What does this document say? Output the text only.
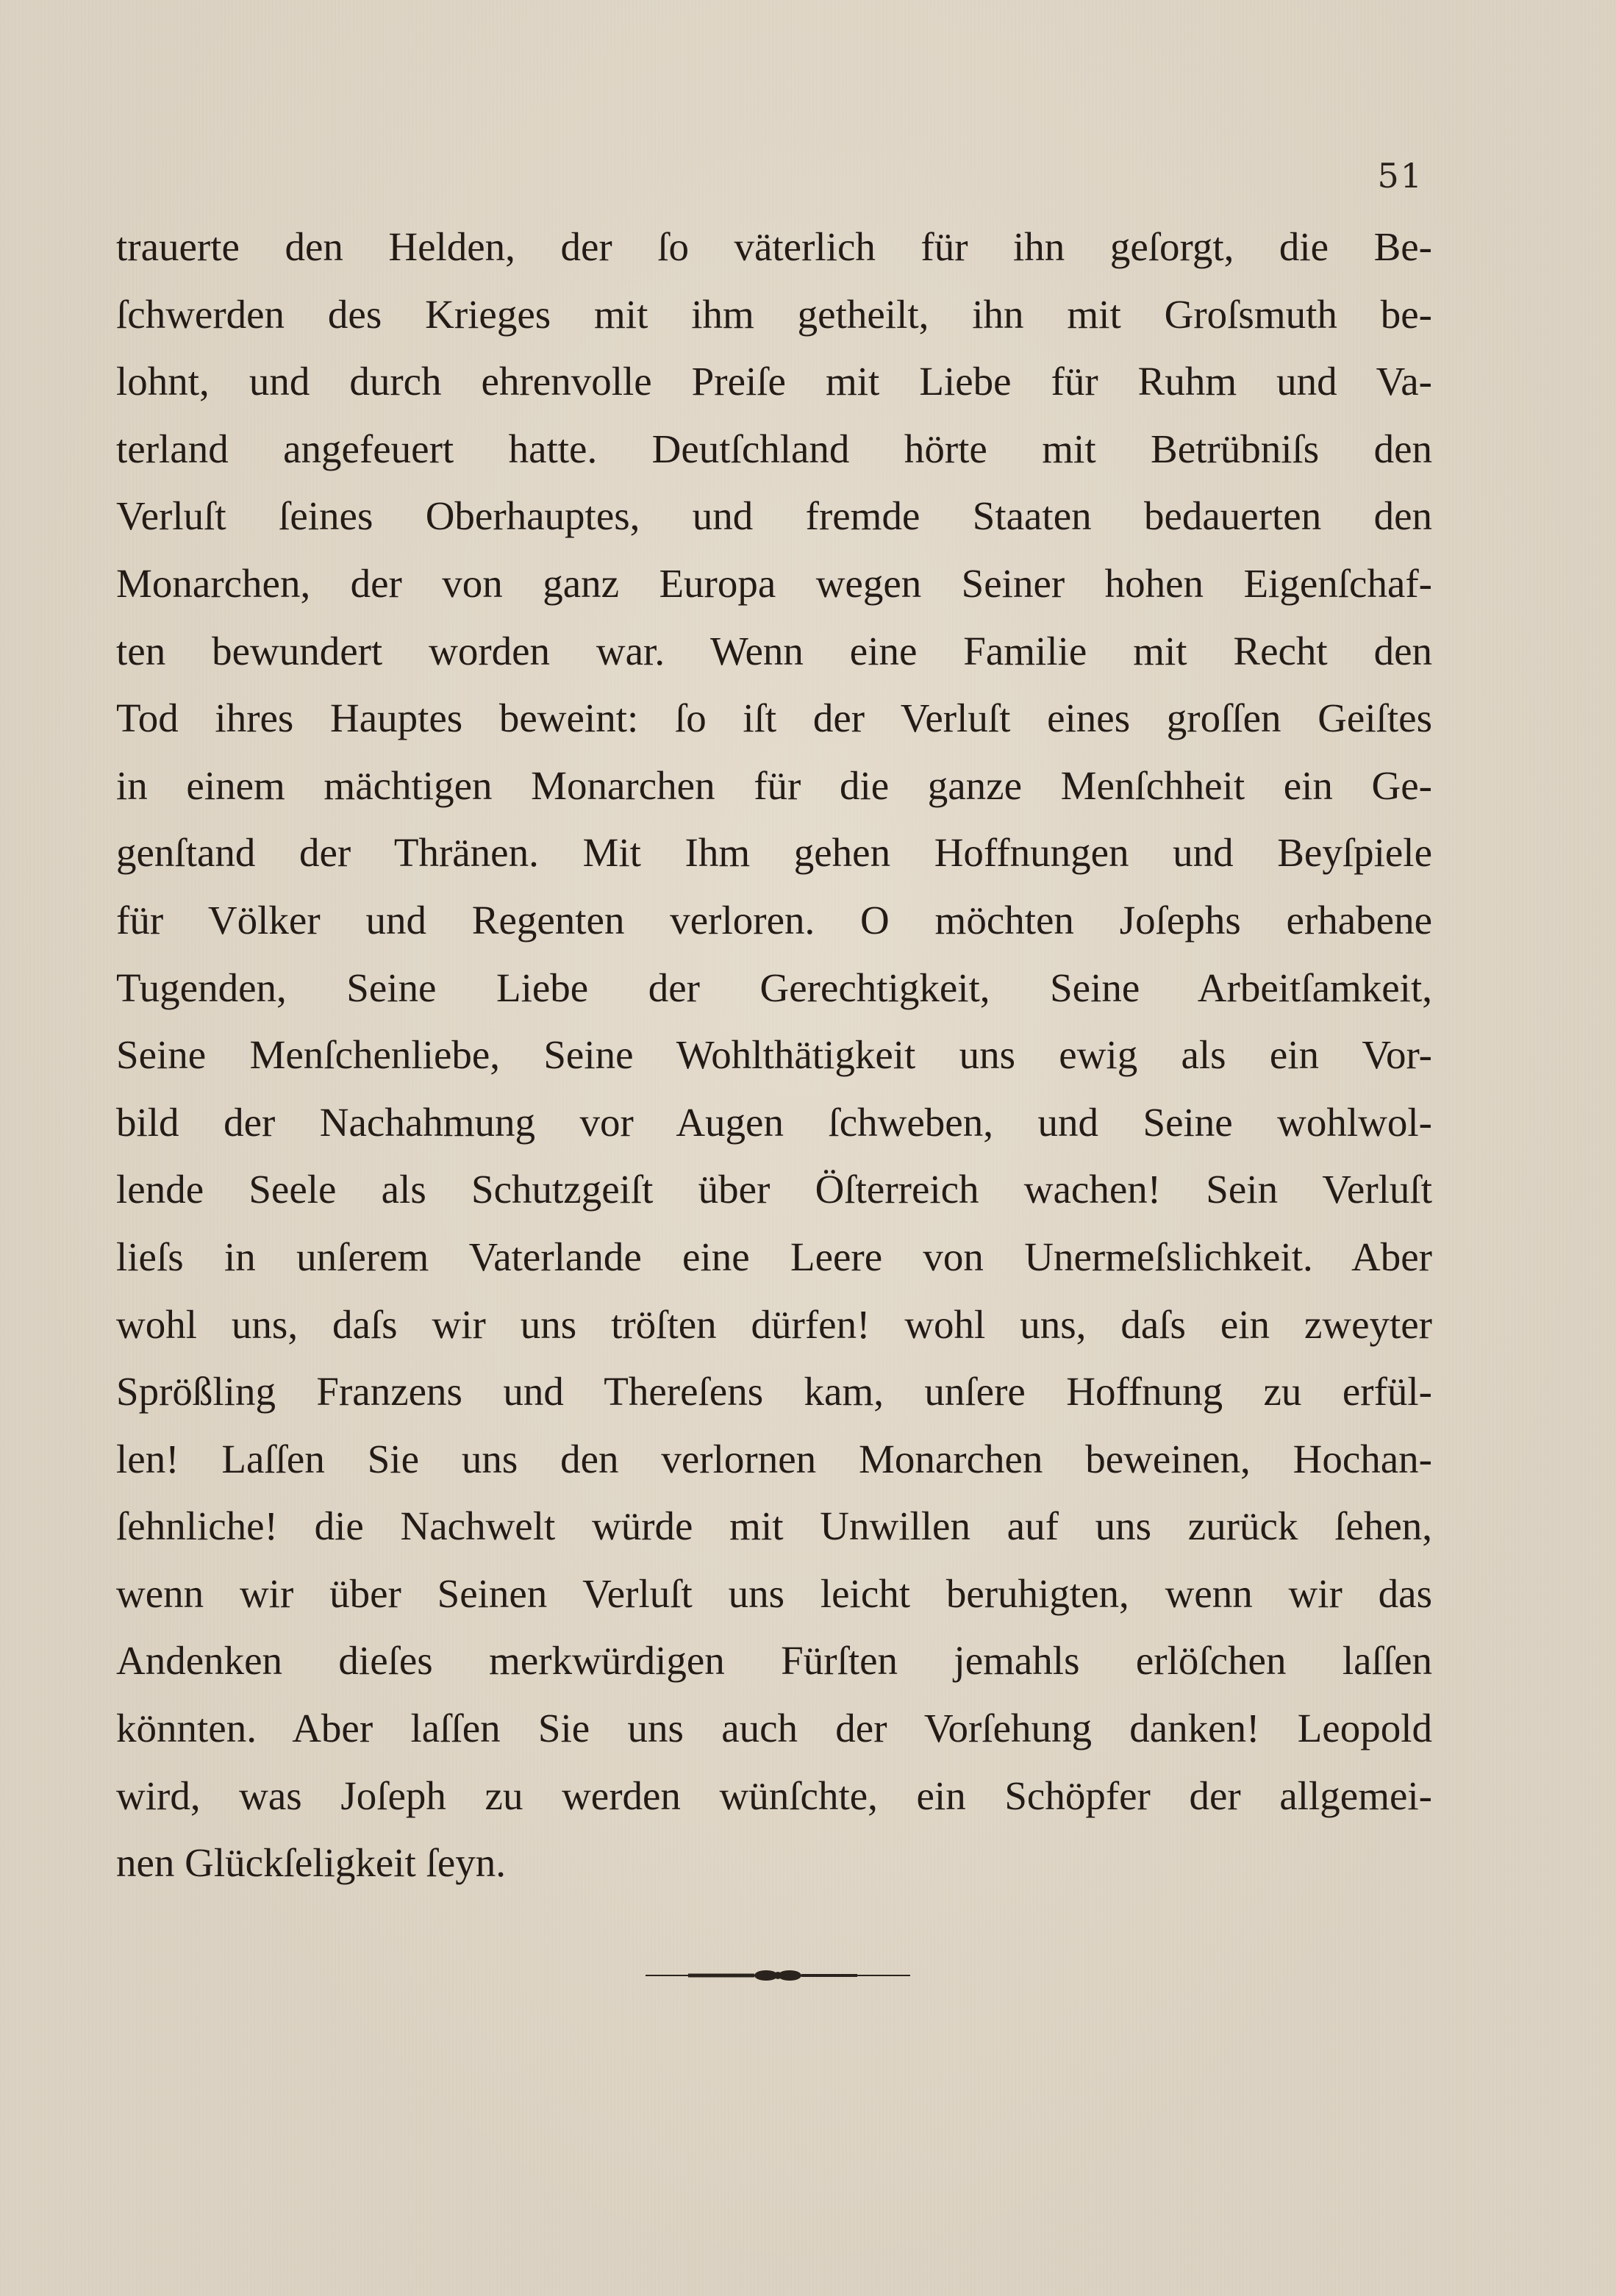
51
trauerte den Helden, der ſo väterlich für ihn geſorgt, die Be-
ſchwerden des Krieges mit ihm getheilt, ihn mit Groſsmuth be-
lohnt, und durch ehrenvolle Preiſe mit Liebe für Ruhm und Va-
terland angefeuert hatte. Deutſchland hörte mit Betrübniſs den
Verluſt ſeines Oberhauptes, und fremde Staaten bedauerten den
Monarchen, der von ganz Europa wegen Seiner hohen Eigenſchaf-
ten bewundert worden war. Wenn eine Familie mit Recht den
Tod ihres Hauptes beweint: ſo iſt der Verluſt eines groſſen Geiſtes
in einem mächtigen Monarchen für die ganze Menſchheit ein Ge-
genſtand der Thränen. Mit Ihm gehen Hoffnungen und Beyſpiele
für Völker und Regenten verloren. O möchten Joſephs erhabene
Tugenden, Seine Liebe der Gerechtigkeit, Seine Arbeitſamkeit,
Seine Menſchenliebe, Seine Wohlthätigkeit uns ewig als ein Vor-
bild der Nachahmung vor Augen ſchweben, und Seine wohlwol-
lende Seele als Schutzgeiſt über Öſterreich wachen! Sein Verluſt
lieſs in unſerem Vaterlande eine Leere von Unermeſslichkeit. Aber
wohl uns, daſs wir uns tröſten dürfen! wohl uns, daſs ein zweyter
Sprößling Franzens und Thereſens kam, unſere Hoffnung zu erfül-
len! Laſſen Sie uns den verlornen Monarchen beweinen, Hochan-
ſehnliche! die Nachwelt würde mit Unwillen auf uns zurück ſehen,
wenn wir über Seinen Verluſt uns leicht beruhigten, wenn wir das
Andenken dieſes merkwürdigen Fürſten jemahls erlöſchen laſſen
könnten. Aber laſſen Sie uns auch der Vorſehung danken! Leopold
wird, was Joſeph zu werden wünſchte, ein Schöpfer der allgemei-
nen Glückſeligkeit ſeyn.
